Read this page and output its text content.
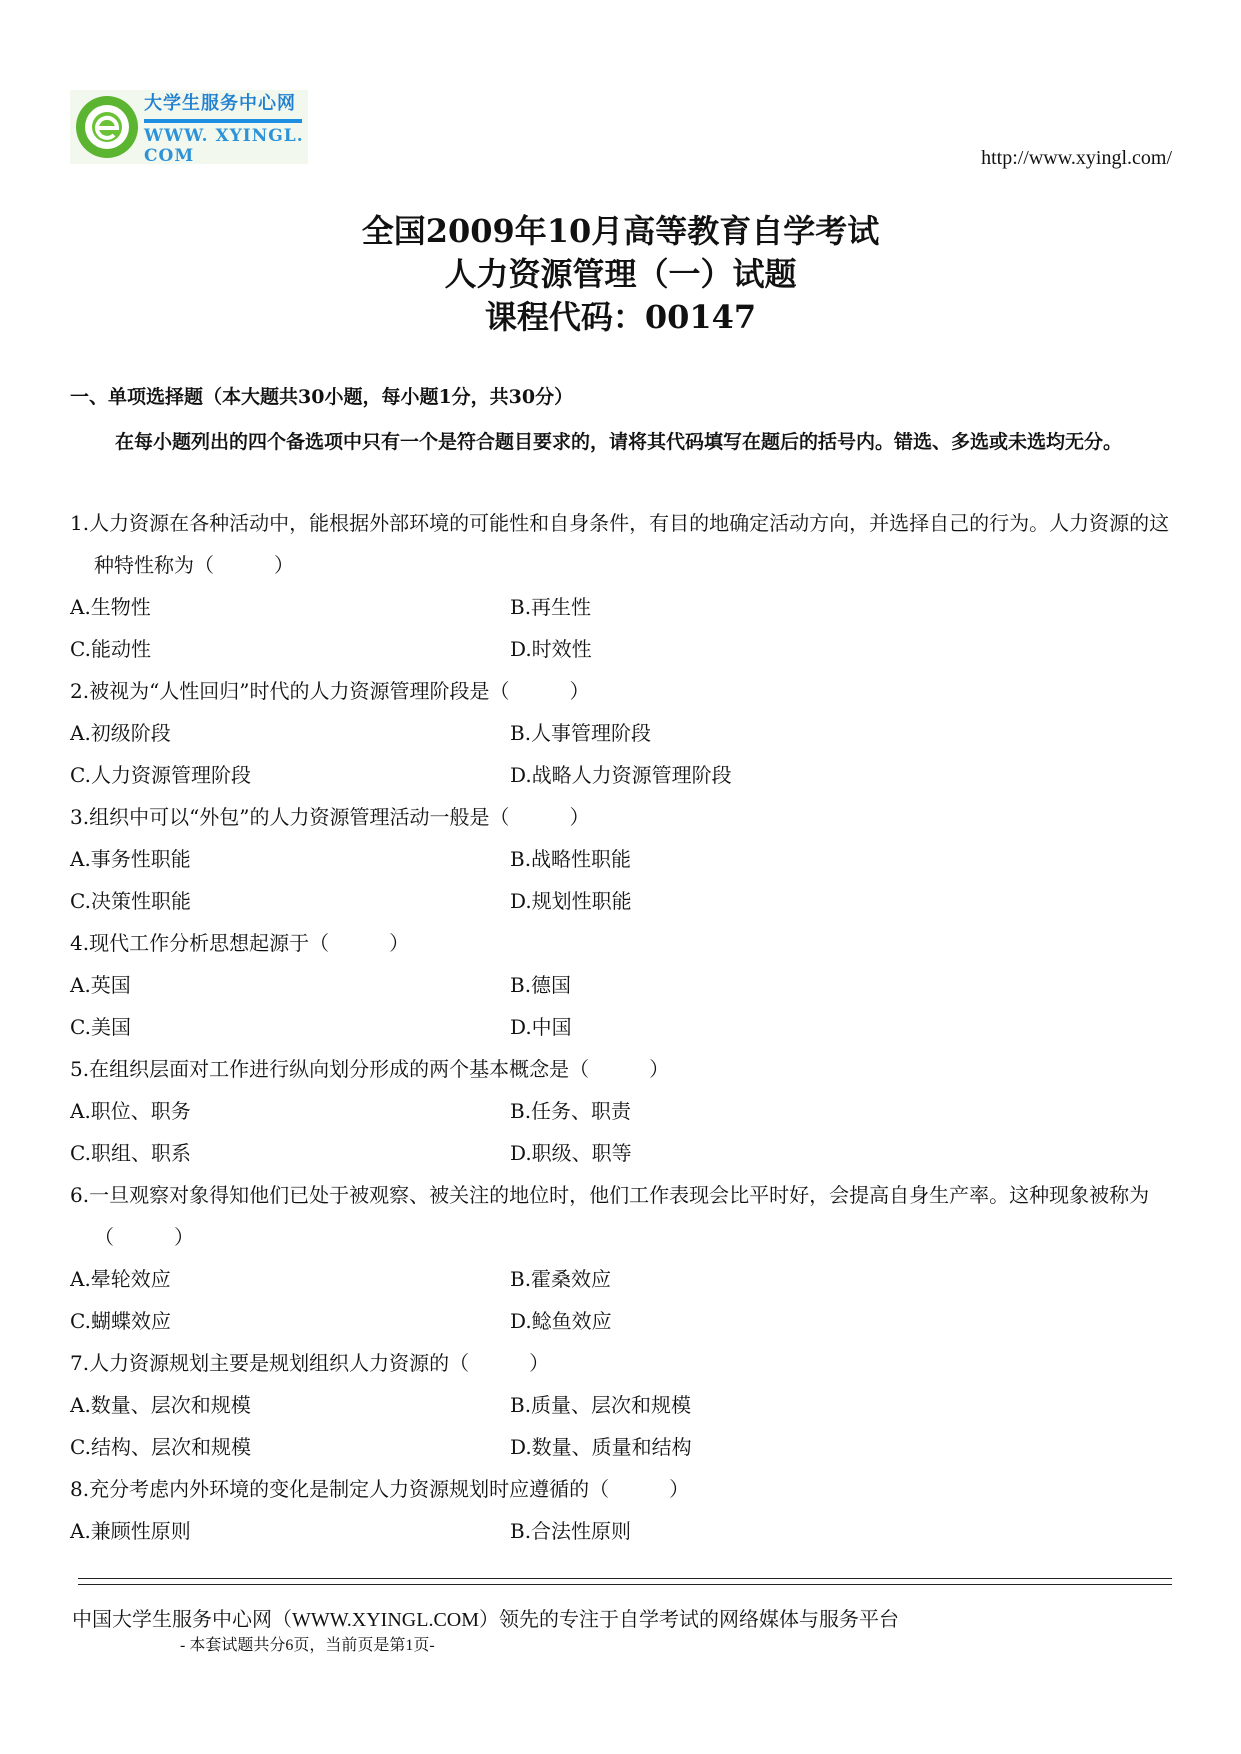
大学生服务中心网
WWW. XYINGL. COM	http://www.xyingl.com/
全国2009年10月高等教育自学考试
人力资源管理（一）试题
课程代码：00147
一、单项选择题（本大题共30小题，每小题1分，共30分）
在每小题列出的四个备选项中只有一个是符合题目要求的，请将其代码填写在题后的括号内。错选、多选或未选均无分。
1.人力资源在各种活动中，能根据外部环境的可能性和自身条件，有目的地确定活动方向，并选择自己的行为。人力资源的这种特性称为（　　　）
A.生物性	B.再生性
C.能动性	D.时效性
2.被视为“人性回归”时代的人力资源管理阶段是（　　　）
A.初级阶段	B.人事管理阶段
C.人力资源管理阶段	D.战略人力资源管理阶段
3.组织中可以“外包”的人力资源管理活动一般是（　　　）
A.事务性职能	B.战略性职能
C.决策性职能	D.规划性职能
4.现代工作分析思想起源于（　　　）
A.英国	B.德国
C.美国	D.中国
5.在组织层面对工作进行纵向划分形成的两个基本概念是（　　　）
A.职位、职务	B.任务、职责
C.职组、职系	D.职级、职等
6.一旦观察对象得知他们已处于被观察、被关注的地位时，他们工作表现会比平时好，会提高自身生产率。这种现象被称为（　　　）
A.晕轮效应	B.霍桑效应
C.蝴蝶效应	D.鲶鱼效应
7.人力资源规划主要是规划组织人力资源的（　　　）
A.数量、层次和规模	B.质量、层次和规模
C.结构、层次和规模	D.数量、质量和结构
8.充分考虑内外环境的变化是制定人力资源规划时应遵循的（　　　）
A.兼顾性原则	B.合法性原则
中国大学生服务中心网（WWW.XYINGL.COM）领先的专注于自学考试的网络媒体与服务平台
- 本套试题共分6页，当前页是第1页-
